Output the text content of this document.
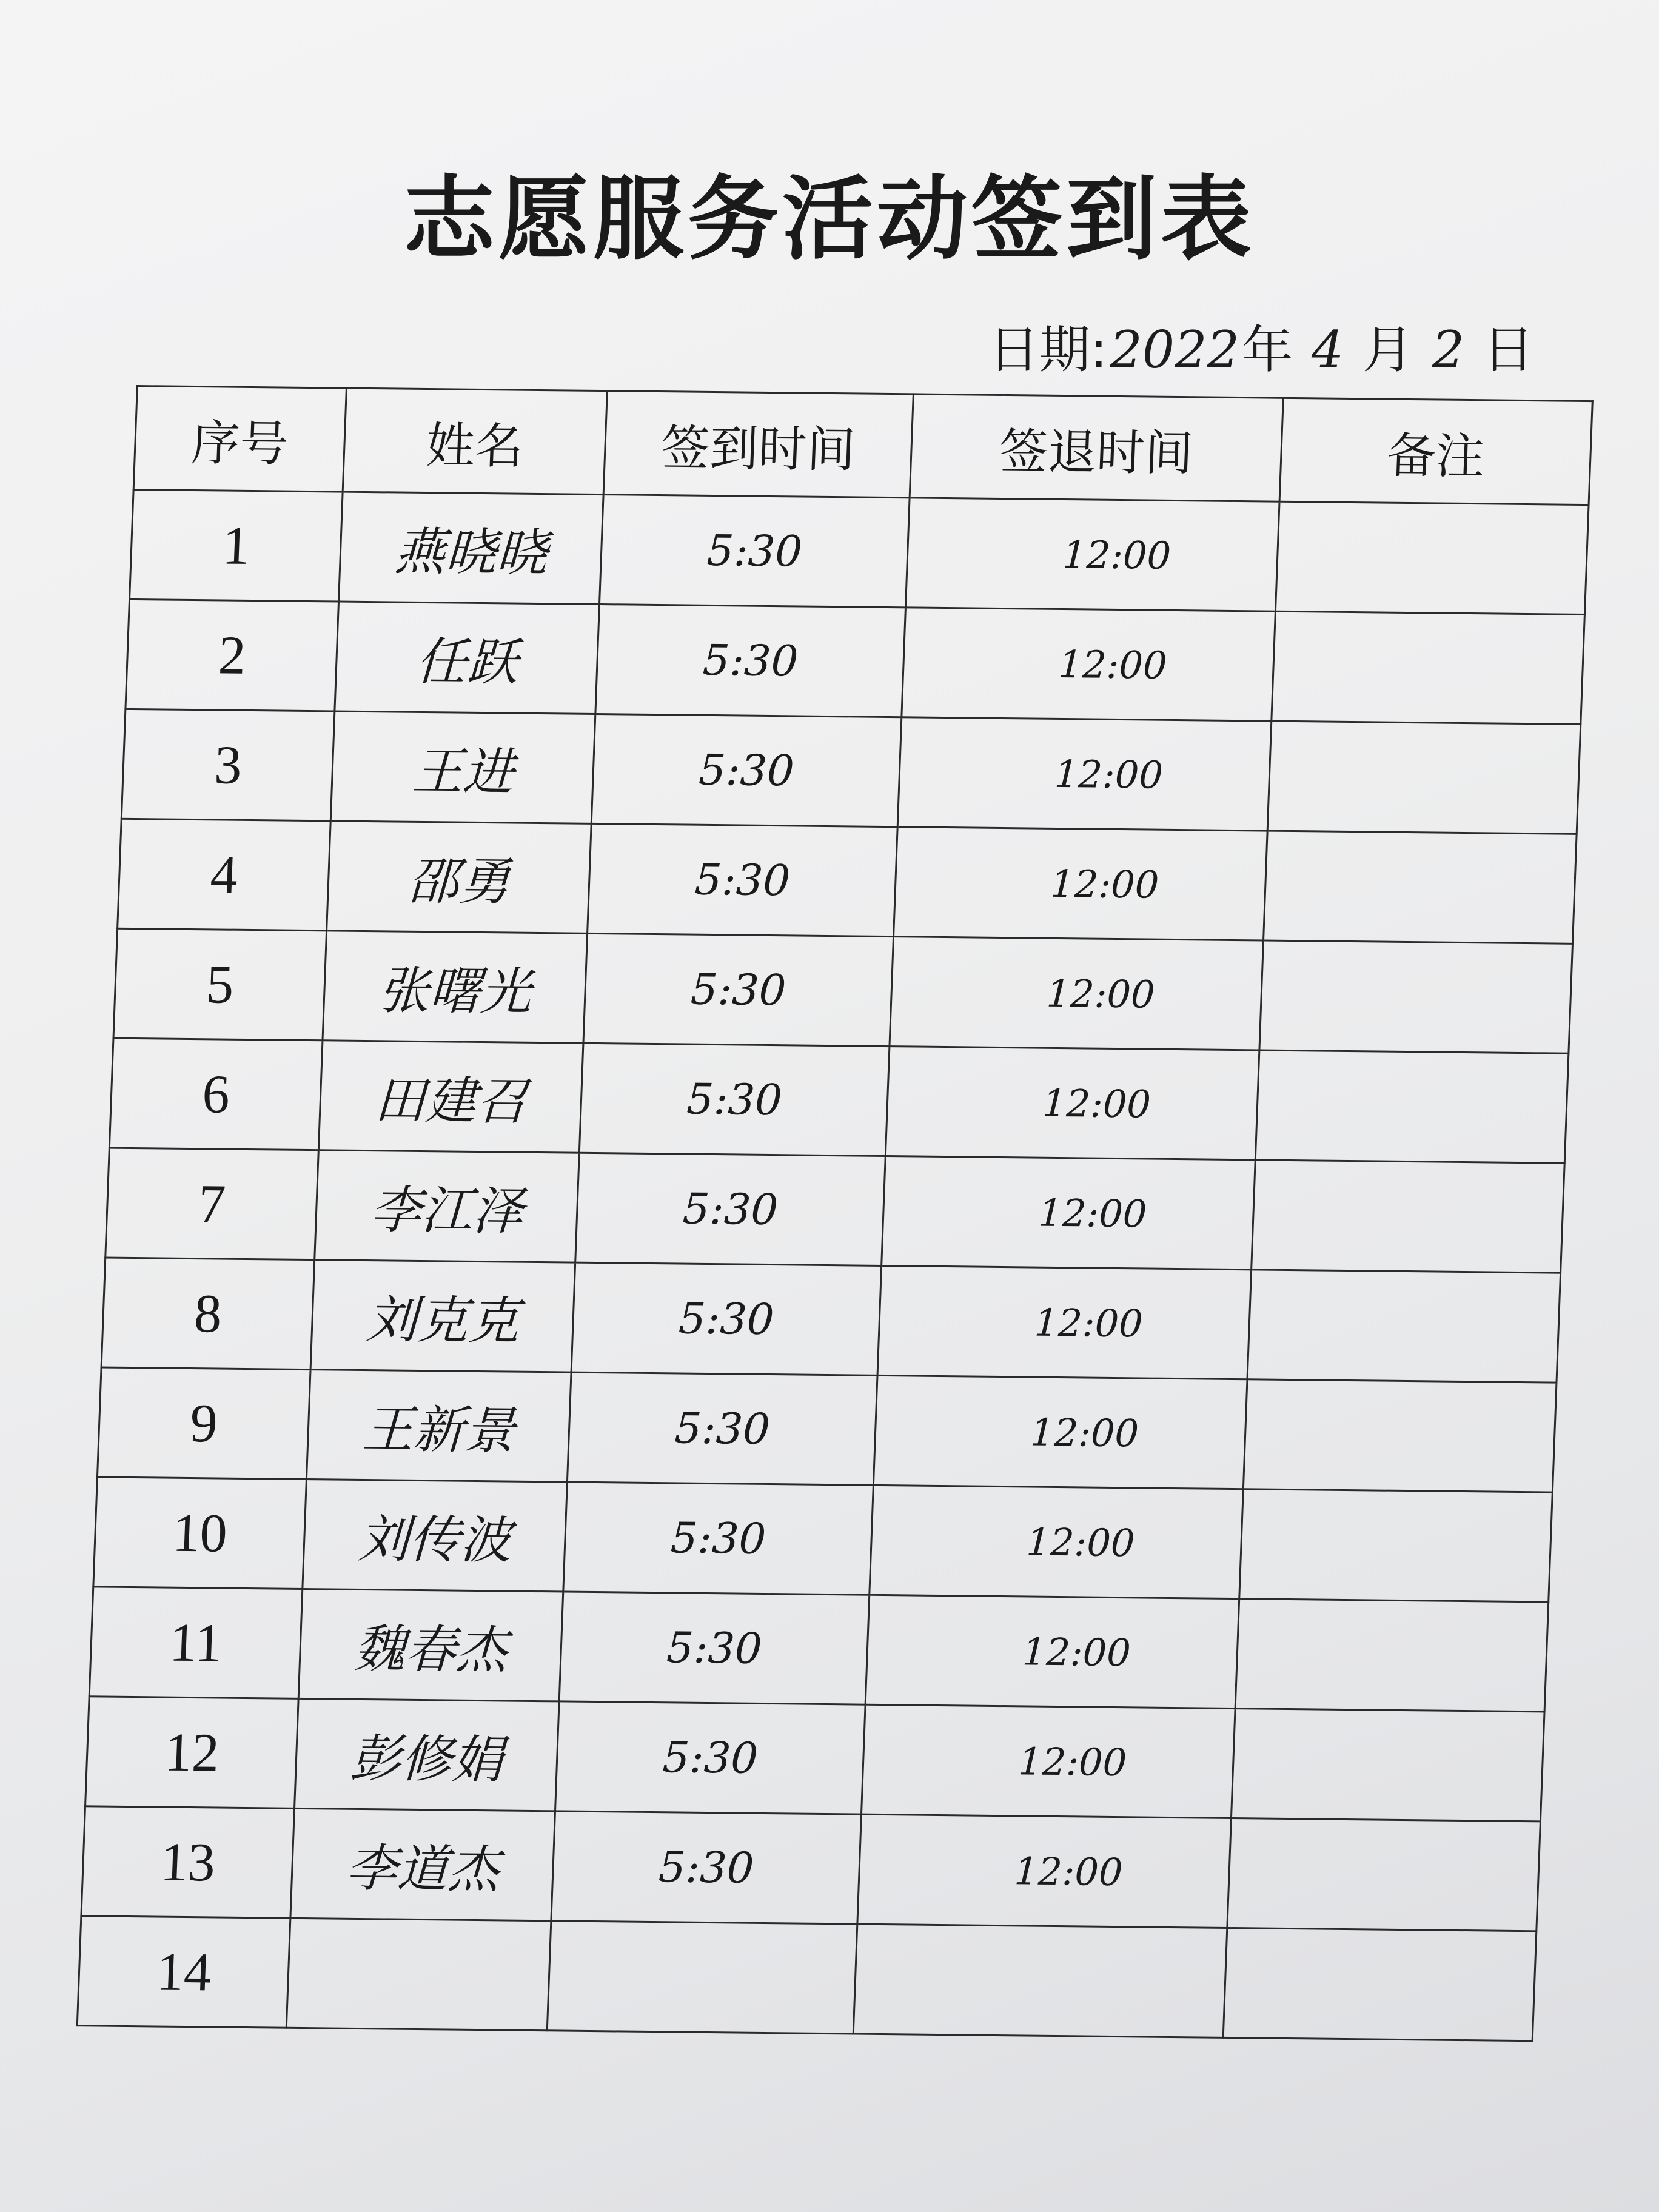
志愿服务活动签到表
日期:2022年 4 月 2 日
序号	姓名	签到时间	签退时间	备注
1	燕晓晓	5:30	12:00	
2	任跃	5:30	12:00	
3	王进	5:30	12:00	
4	邵勇	5:30	12:00	
5	张曙光	5:30	12:00	
6	田建召	5:30	12:00	
7	李江泽	5:30	12:00	
8	刘克克	5:30	12:00	
9	王新景	5:30	12:00	
10	刘传波	5:30	12:00	
11	魏春杰	5:30	12:00	
12	彭修娟	5:30	12:00	
13	李道杰	5:30	12:00	
14				
